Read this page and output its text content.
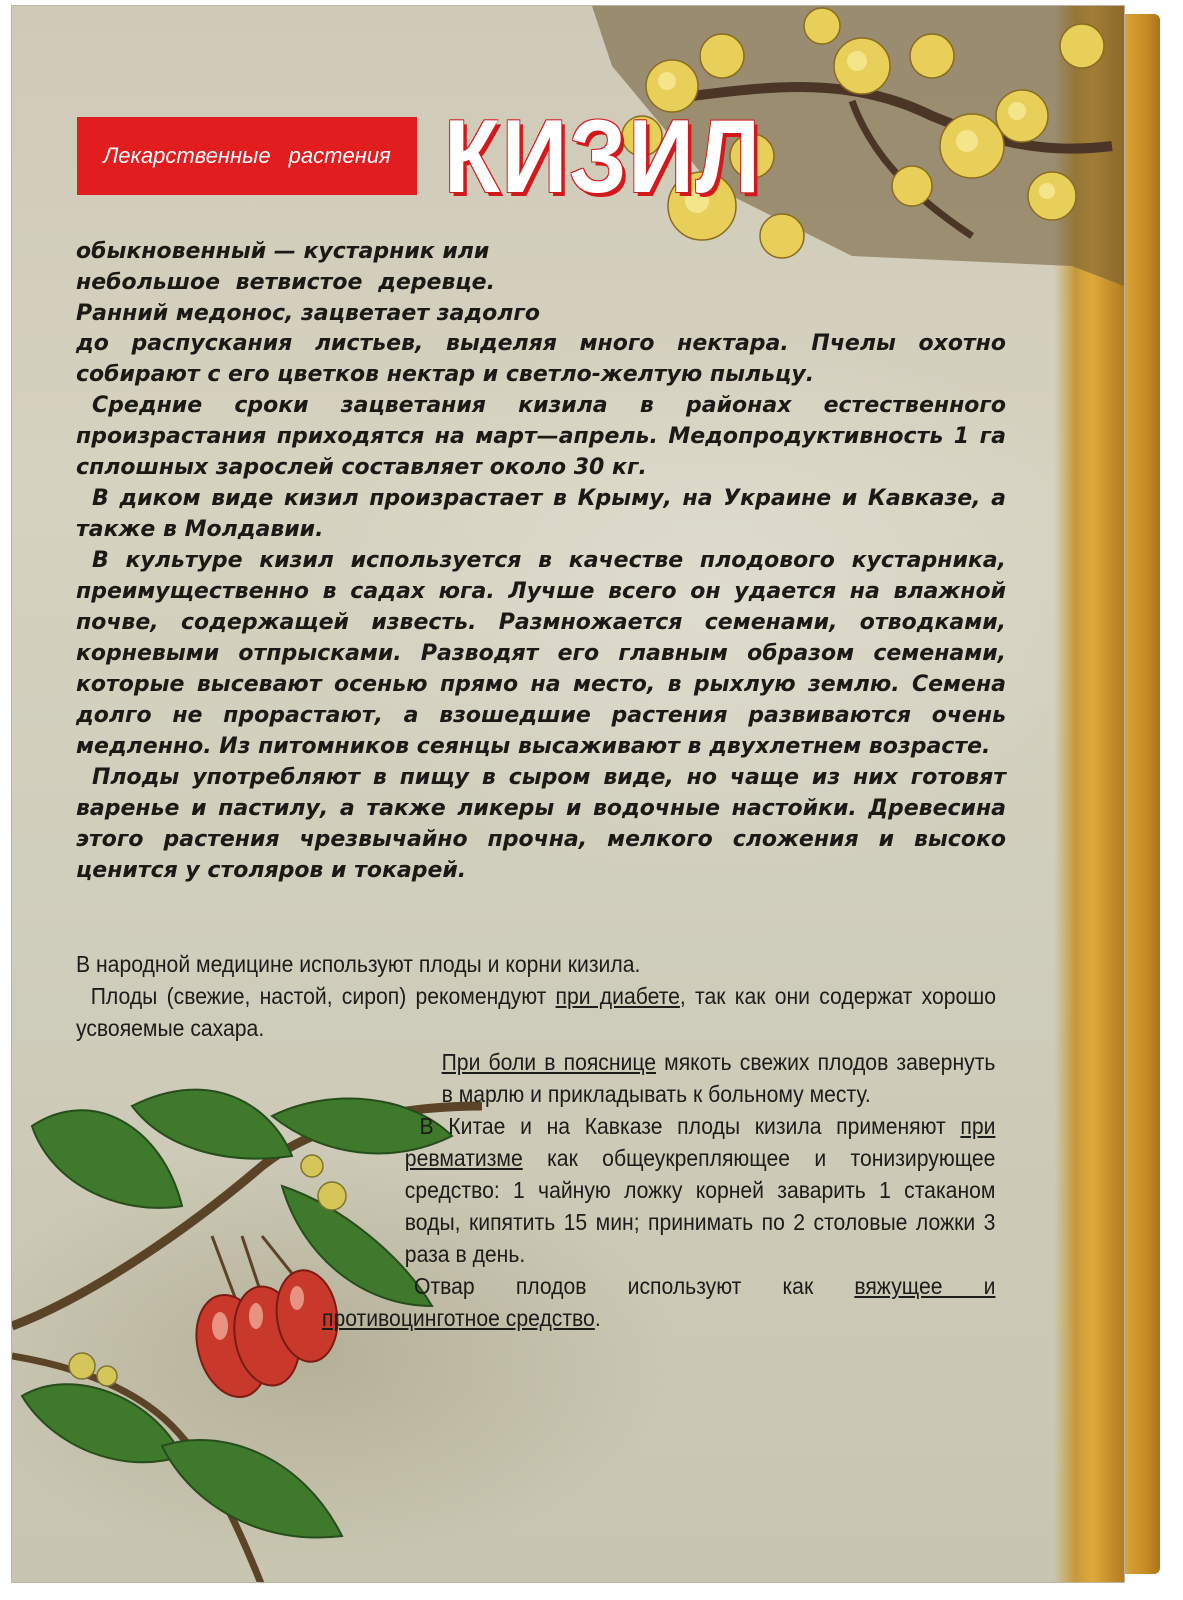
Лекарственные растения КИЗИЛ

обыкновенный — кустарник или

небольшое ветвистое деревце.

Ранний медонос, зацветает задолго

до распускания листьев, выделяя много нектара. Пчелы охотно собирают с его цветков нектар и светло-желтую пыльцу.

Средние сроки зацветания кизила в районах естественного произрастания приходятся на март—апрель. Медопродуктивность 1 га сплошных зарослей составляет около 30 кг.

В диком виде кизил произрастает в Крыму, на Украине и Кавказе, а также в Молдавии.

В культуре кизил используется в качестве плодового кустарника, преимущественно в садах юга. Лучше всего он удается на влажной почве, содержащей известь. Размножается семенами, отводками, корневыми отпрысками. Разводят его главным образом семенами, которые высевают осенью прямо на место, в рыхлую землю. Семена долго не прорастают, а взошедшие растения развиваются очень медленно. Из питомников сеянцы высаживают в двухлетнем возрасте.

Плоды употребляют в пищу в сыром виде, но чаще из них готовят варенье и пастилу, а также ликеры и водочные настойки. Древесина этого растения чрезвычайно прочна, мелкого сложения и высоко ценится у столяров и токарей.

В народной медицине используют плоды и корни кизила.

Плоды (свежие, настой, сироп) рекомендуют при диабете, так как они содержат хорошо усвояемые сахара.

При боли в пояснице мякоть свежих плодов завернуть в марлю и прикладывать к больному месту.

В Китае и на Кавказе плоды кизила применяют при ревматизме как общеукрепляющее и тонизирующее средство: 1 чайную ложку корней заварить 1 стаканом воды, кипятить 15 мин; принимать по 2 столовые ложки 3 раза в день.

Отвар плодов используют как вяжущее и противоцинготное средство.
